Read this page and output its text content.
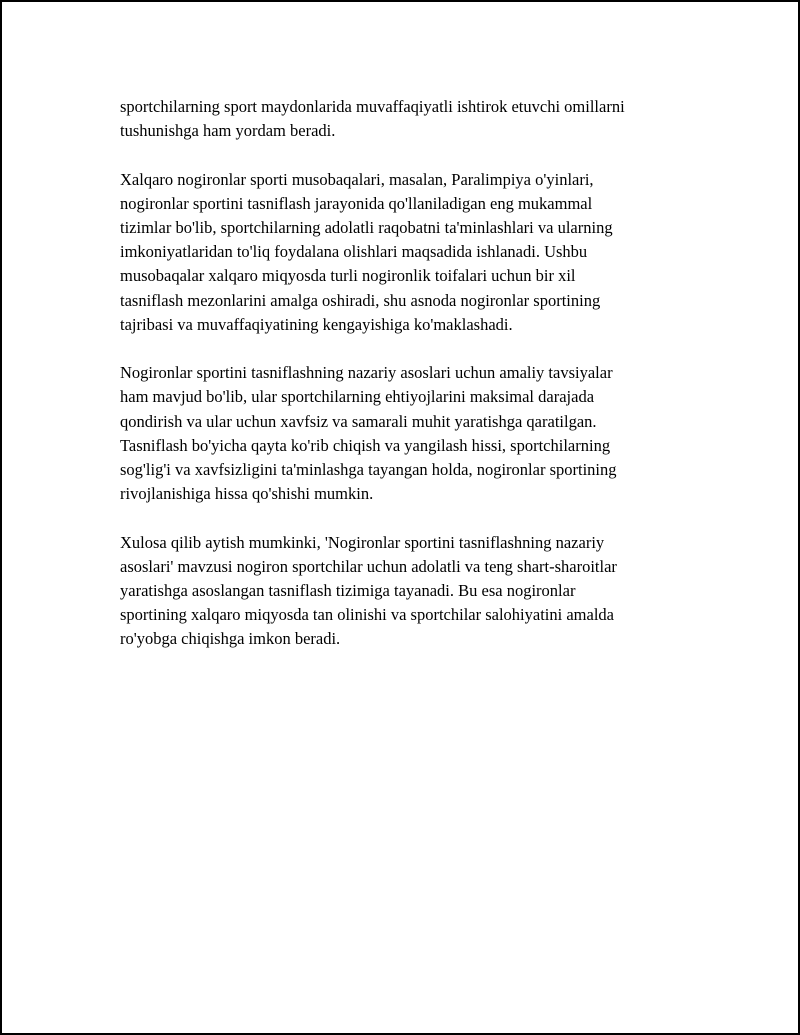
sportchilarning sport maydonlarida muvaffaqiyatli ishtirok etuvchi omillarni
tushunishga ham yordam beradi.

Xalqaro nogironlar sporti musobaqalari, masalan, Paralimpiya o'yinlari,
nogironlar sportini tasniflash jarayonida qo'llaniladigan eng mukammal
tizimlar bo'lib, sportchilarning adolatli raqobatni ta'minlashlari va ularning
imkoniyatlaridan to'liq foydalana olishlari maqsadida ishlanadi. Ushbu
musobaqalar xalqaro miqyosda turli nogironlik toifalari uchun bir xil
tasniflash mezonlarini amalga oshiradi, shu asnoda nogironlar sportining
tajribasi va muvaffaqiyatining kengayishiga ko'maklashadi.

Nogironlar sportini tasniflashning nazariy asoslari uchun amaliy tavsiyalar
ham mavjud bo'lib, ular sportchilarning ehtiyojlarini maksimal darajada
qondirish va ular uchun xavfsiz va samarali muhit yaratishga qaratilgan.
Tasniflash bo'yicha qayta ko'rib chiqish va yangilash hissi, sportchilarning
sog'lig'i va xavfsizligini ta'minlashga tayangan holda, nogironlar sportining
rivojlanishiga hissa qo'shishi mumkin.

Xulosa qilib aytish mumkinki, 'Nogironlar sportini tasniflashning nazariy
asoslari' mavzusi nogiron sportchilar uchun adolatli va teng shart-sharoitlar
yaratishga asoslangan tasniflash tizimiga tayanadi. Bu esa nogironlar
sportining xalqaro miqyosda tan olinishi va sportchilar salohiyatini amalda
ro'yobga chiqishga imkon beradi.
